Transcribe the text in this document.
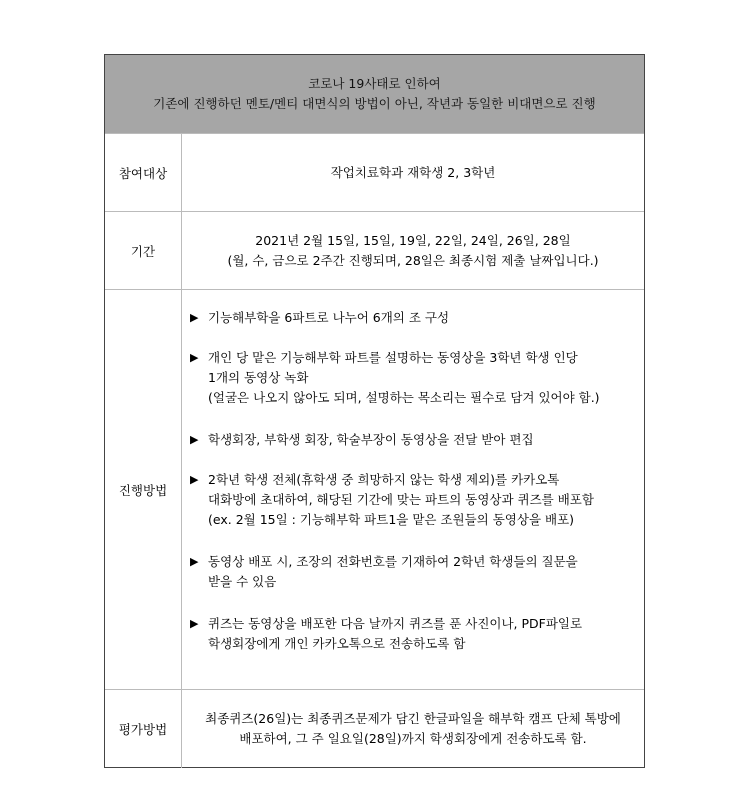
코로나 19사태로 인하여
기존에 진행하던 멘토/멘티 대면식의 방법이 아닌, 작년과 동일한 비대면으로 진행
참여대상	작업치료학과 재학생 2, 3학년
기간
2021년 2월 15일, 15일, 19일, 22일, 24일, 26일, 28일
(월, 수, 금으로 2주간 진행되며, 28일은 최종시험 제출 날짜입니다.)
진행방법
▶ 기능해부학을 6파트로 나누어 6개의 조 구성
▶ 개인 당 맡은 기능해부학 파트를 설명하는 동영상을 3학년 학생 인당
1개의 동영상 녹화
(얼굴은 나오지 않아도 되며, 설명하는 목소리는 필수로 담겨 있어야 함.)
▶ 학생회장, 부학생 회장, 학술부장이 동영상을 전달 받아 편집
▶ 2학년 학생 전체(휴학생 중 희망하지 않는 학생 제외)를 카카오톡
대화방에 초대하여, 해당된 기간에 맞는 파트의 동영상과 퀴즈를 배포함
(ex. 2월 15일 : 기능해부학 파트1을 맡은 조원들의 동영상을 배포)
▶ 동영상 배포 시, 조장의 전화번호를 기재하여 2학년 학생들의 질문을
받을 수 있음
▶ 퀴즈는 동영상을 배포한 다음 날까지 퀴즈를 푼 사진이나, PDF파일로
학생회장에게 개인 카카오톡으로 전송하도록 함
평가방법
최종퀴즈(26일)는 최종퀴즈문제가 담긴 한글파일을 해부학 캠프 단체 톡방에
배포하여, 그 주 일요일(28일)까지 학생회장에게 전송하도록 함.
